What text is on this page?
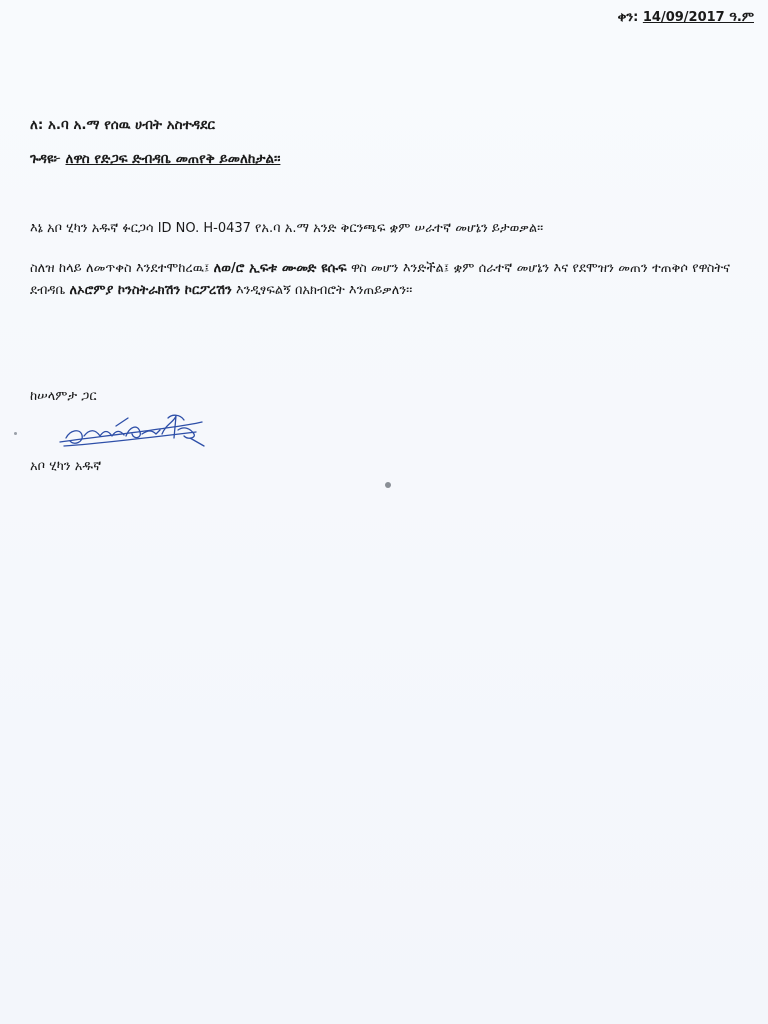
ቀን: 14/09/2017 ዓ.ም
ለ: አ.ባ አ.ማ የሰዉ ሀብት አስተዳደር
ጉዳዩ፦ ለዋስ የድጋፍ ድብዳቤ መጠየቅ ይመለከታል፡፡
እኔ አቦ ሂካን አዱኛ ፉርጋሳ ID NO. H-0437 የአ.ባ አ.ማ አንድ ቅርንጫፍ ቋም ሠራተኛ መሆኔን ይታወቃል፡፡
ስለዝ ከላይ ለመጥቀስ እንደተሞከረዉ፤ ለወ/ሮ ኢፍቱ ሙመድ ዩሱፍ ዋስ መሆን እንድችል፤ ቋም ሰራተኛ መሆኔን እና የደሞዝን መጠን ተጠቅሶ የዋስትና ደብዳቤ ለኦሮምያ ኮንስትራክሽን ኮርፖረሽን እንዲፃፍልኝ በአክብሮት እንጠይቃለን፡፡
ከሠላምታ ጋር
አቦ ሂካን አዱኛ
